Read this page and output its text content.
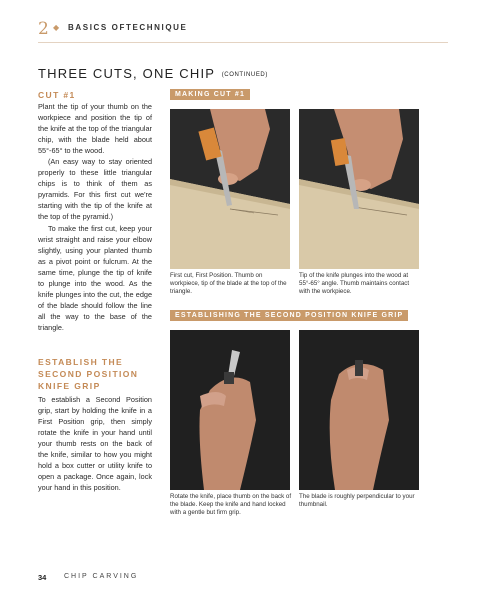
2 ◆ BASICS OFTECHNIQUE
THREE CUTS, ONE CHIP (CONTINUED)
CUT #1

Plant the tip of your thumb on the workpiece and position the tip of the knife at the top of the triangular chip, with the blade held about 55°-65° to the wood.

(An easy way to stay oriented properly to these little triangular chips is to think of them as pyramids. For this first cut we're starting with the tip of the knife at the top of the pyramid.)

To make the first cut, keep your wrist straight and raise your elbow slightly, using your planted thumb as a pivot point or fulcrum. At the same time, plunge the tip of knife to plunge into the wood. As the knife plunges into the cut, the edge of the blade should follow the line all the way to the base of the triangle.

ESTABLISH THE SECOND POSITION KNIFE GRIP

To establish a Second Position grip, start by holding the knife in a First Position grip, then simply rotate the knife in your hand until your thumb rests on the back of the knife, similar to how you might hold a box cutter or utility knife to open a package. Once again, lock your hand in this position.

MAKING CUT #1
First cut, First Position. Thumb on workpiece, tip of the blade at the top of the triangle.
Tip of the knife plunges into the wood at 55°-65° angle. Thumb maintains contact with the workpiece.
ESTABLISHING THE SECOND POSITION KNIFE GRIP
Rotate the knife, place thumb on the back of the blade. Keep the knife and hand locked with a gentle but firm grip.
The blade is roughly perpendicular to your thumbnail.
34	CHIP CARVING
